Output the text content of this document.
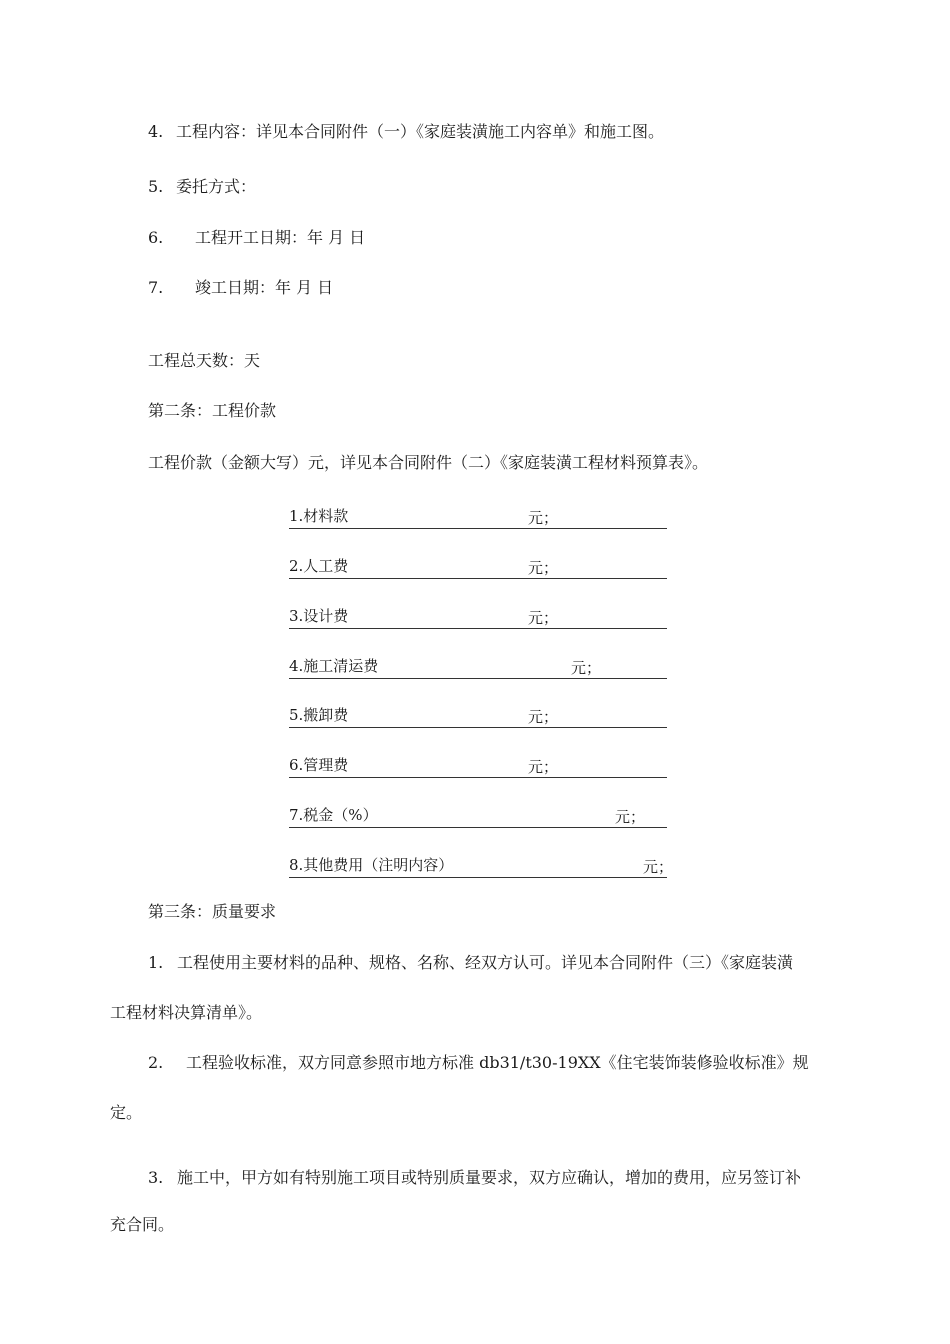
4. 工程内容：详见本合同附件（一）《家庭装潢施工内容单》和施工图。
5. 委托方式：
6. 工程开工日期：年 月 日
7. 竣工日期：年 月 日
工程总天数：天
第二条：工程价款
工程价款（金额大写）元，详见本合同附件（二）《家庭装潢工程材料预算表》。
1.材料款	元；
2.人工费	元；
3.设计费	元；
4.施工清运费	元；
5.搬卸费	元；
6.管理费	元；
7.税金（%）	元；
8.其他费用（注明内容）	元；
第三条：质量要求
1. 工程使用主要材料的品种、规格、名称、经双方认可。详见本合同附件（三）《家庭装潢
工程材料决算清单》。
2. 工程验收标准，双方同意参照市地方标准 db31/t30-19XX《住宅装饰装修验收标准》规
定。
3. 施工中，甲方如有特别施工项目或特别质量要求，双方应确认，增加的费用，应另签订补
充合同。
